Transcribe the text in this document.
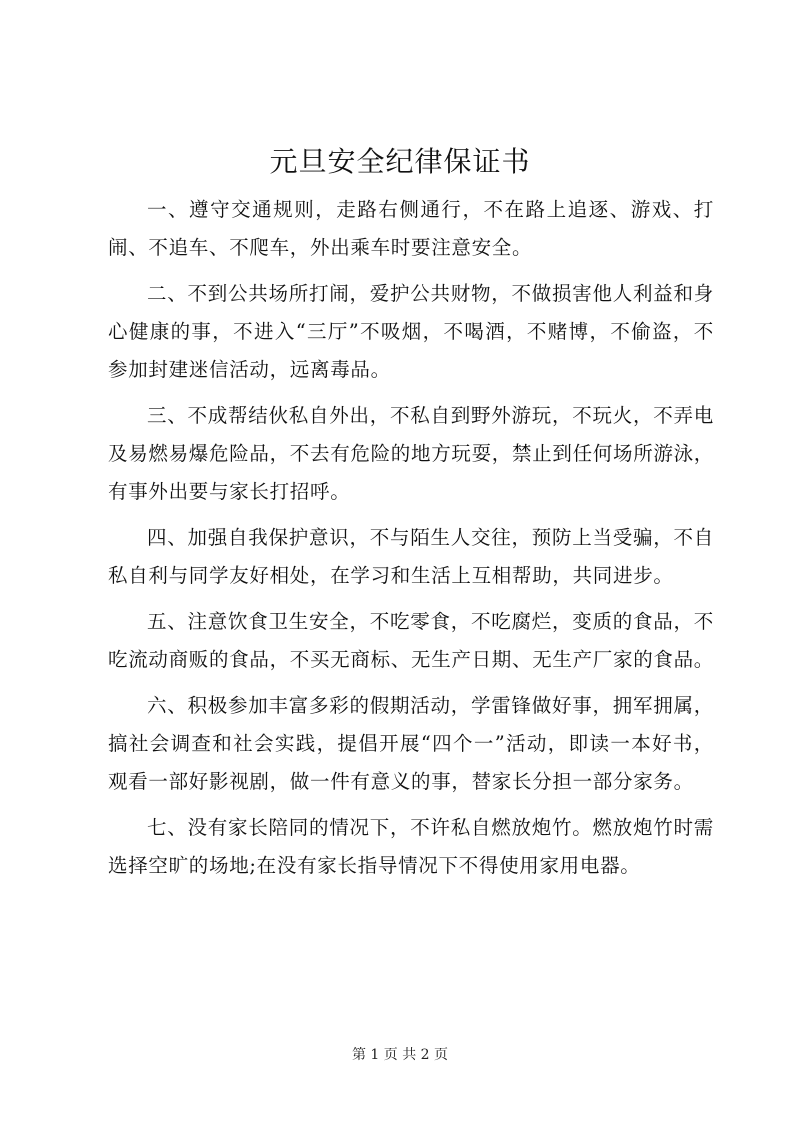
元旦安全纪律保证书

一、遵守交通规则，走路右侧通行，不在路上追逐、游戏、打闹、不追车、不爬车，外出乘车时要注意安全。

二、不到公共场所打闹，爱护公共财物，不做损害他人利益和身心健康的事，不进入“三厅”不吸烟，不喝酒，不赌博，不偷盗，不参加封建迷信活动，远离毒品。

三、不成帮结伙私自外出，不私自到野外游玩，不玩火，不弄电及易燃易爆危险品，不去有危险的地方玩耍，禁止到任何场所游泳，有事外出要与家长打招呼。

四、加强自我保护意识，不与陌生人交往，预防上当受骗，不自私自利与同学友好相处，在学习和生活上互相帮助，共同进步。

五、注意饮食卫生安全，不吃零食，不吃腐烂，变质的食品，不吃流动商贩的食品，不买无商标、无生产日期、无生产厂家的食品。

六、积极参加丰富多彩的假期活动，学雷锋做好事，拥军拥属，搞社会调查和社会实践，提倡开展“四个一”活动，即读一本好书，观看一部好影视剧，做一件有意义的事，替家长分担一部分家务。

七、没有家长陪同的情况下，不许私自燃放炮竹。燃放炮竹时需选择空旷的场地;在没有家长指导情况下不得使用家用电器。

第 1 页 共 2 页
